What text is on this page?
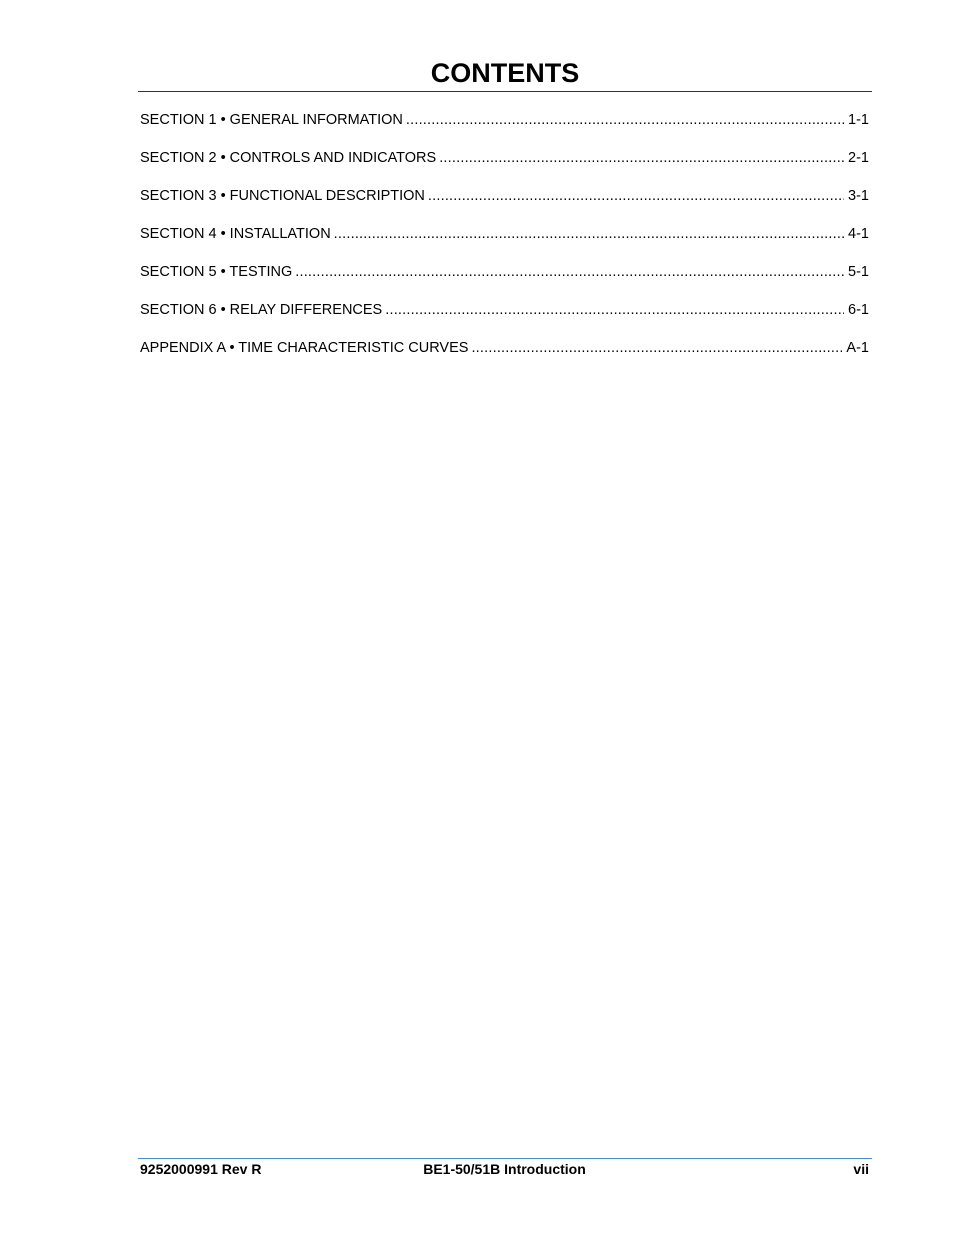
CONTENTS
SECTION 1 • GENERAL INFORMATION .....	1-1
SECTION 2 • CONTROLS AND INDICATORS .....	2-1
SECTION 3 • FUNCTIONAL DESCRIPTION .....	3-1
SECTION 4 • INSTALLATION .....	4-1
SECTION 5 • TESTING .....	5-1
SECTION 6 • RELAY DIFFERENCES .....	6-1
APPENDIX A • TIME CHARACTERISTIC CURVES .....	A-1
BE1-50/51B Introduction
9252000991 Rev R	vii
